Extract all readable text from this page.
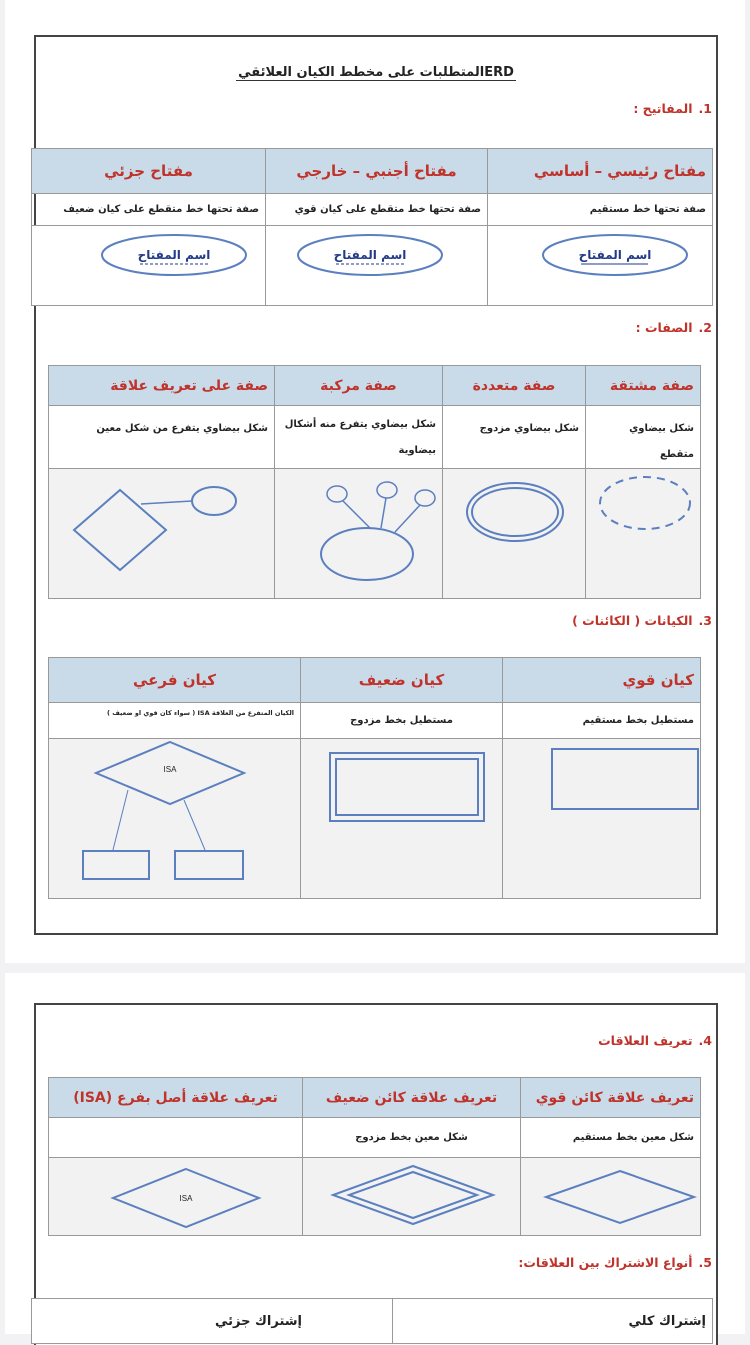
المتطلبات على مخطط الكيان العلائقيERD
1.المفاتيح :
مفتاح رئيسي – أساسي	مفتاح أجنبي – خارجي	مفتاح جزئي
صفة تحتها خط مستقيم	صفة تحتها خط متقطع على كيان قوي	صفة تحتها خط متقطع على كيان ضعيف

اسم المفتاح	اسم المفتاح	اسم المفتاح
2.الصفات :
صفة مشتقة	صفة متعددة	صفة مركبة	صفة على تعريف علاقة
شكل بيضاوي متقطع	شكل بيضاوي مزدوج	شكل بيضاوي يتفرع منه أشكال بيضاوية	شكل بيضاوي يتفرع من شكل معين

3.الكيانات ( الكائنات )
كيان قوي	كيان ضعيف	كيان فرعي
مستطيل بخط مستقيم	مستطيل بخط مزدوج	الكيان المتفرع من العلاقة ISA ( سواء كان قوي او ضعيف )

ISA
4.تعريف العلاقات
تعريف علاقة كائن قوي	تعريف علاقة كائن ضعيف	تعريف علاقة أصل بفرع (ISA)
شكل معين بخط مستقيم	شكل معين بخط مزدوج	

ISA
5.أنواع الاشتراك بين العلاقات:
إشتراك كلي	إشتراك جزئي
